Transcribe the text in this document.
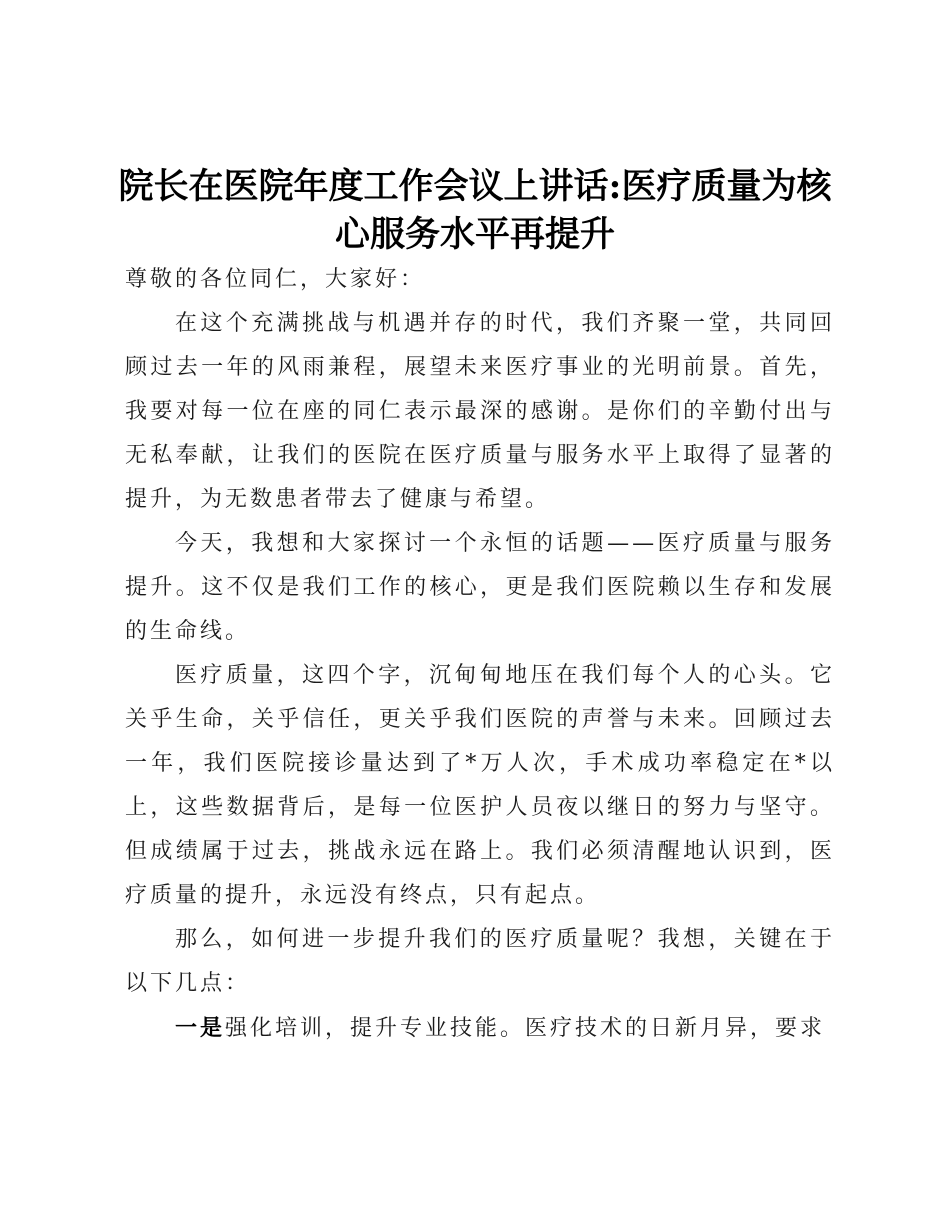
院长在医院年度工作会议上讲话:医疗质量为核心服务水平再提升

尊敬的各位同仁，大家好：

在这个充满挑战与机遇并存的时代，我们齐聚一堂，共同回顾过去一年的风雨兼程，展望未来医疗事业的光明前景。首先，我要对每一位在座的同仁表示最深的感谢。是你们的辛勤付出与无私奉献，让我们的医院在医疗质量与服务水平上取得了显著的提升，为无数患者带去了健康与希望。

今天，我想和大家探讨一个永恒的话题——医疗质量与服务提升。这不仅是我们工作的核心，更是我们医院赖以生存和发展的生命线。

医疗质量，这四个字，沉甸甸地压在我们每个人的心头。它关乎生命，关乎信任，更关乎我们医院的声誉与未来。回顾过去一年，我们医院接诊量达到了*万人次，手术成功率稳定在*以上，这些数据背后，是每一位医护人员夜以继日的努力与坚守。但成绩属于过去，挑战永远在路上。我们必须清醒地认识到，医疗质量的提升，永远没有终点，只有起点。

那么，如何进一步提升我们的医疗质量呢？我想，关键在于以下几点：

一是强化培训，提升专业技能。医疗技术的日新月异，要求
